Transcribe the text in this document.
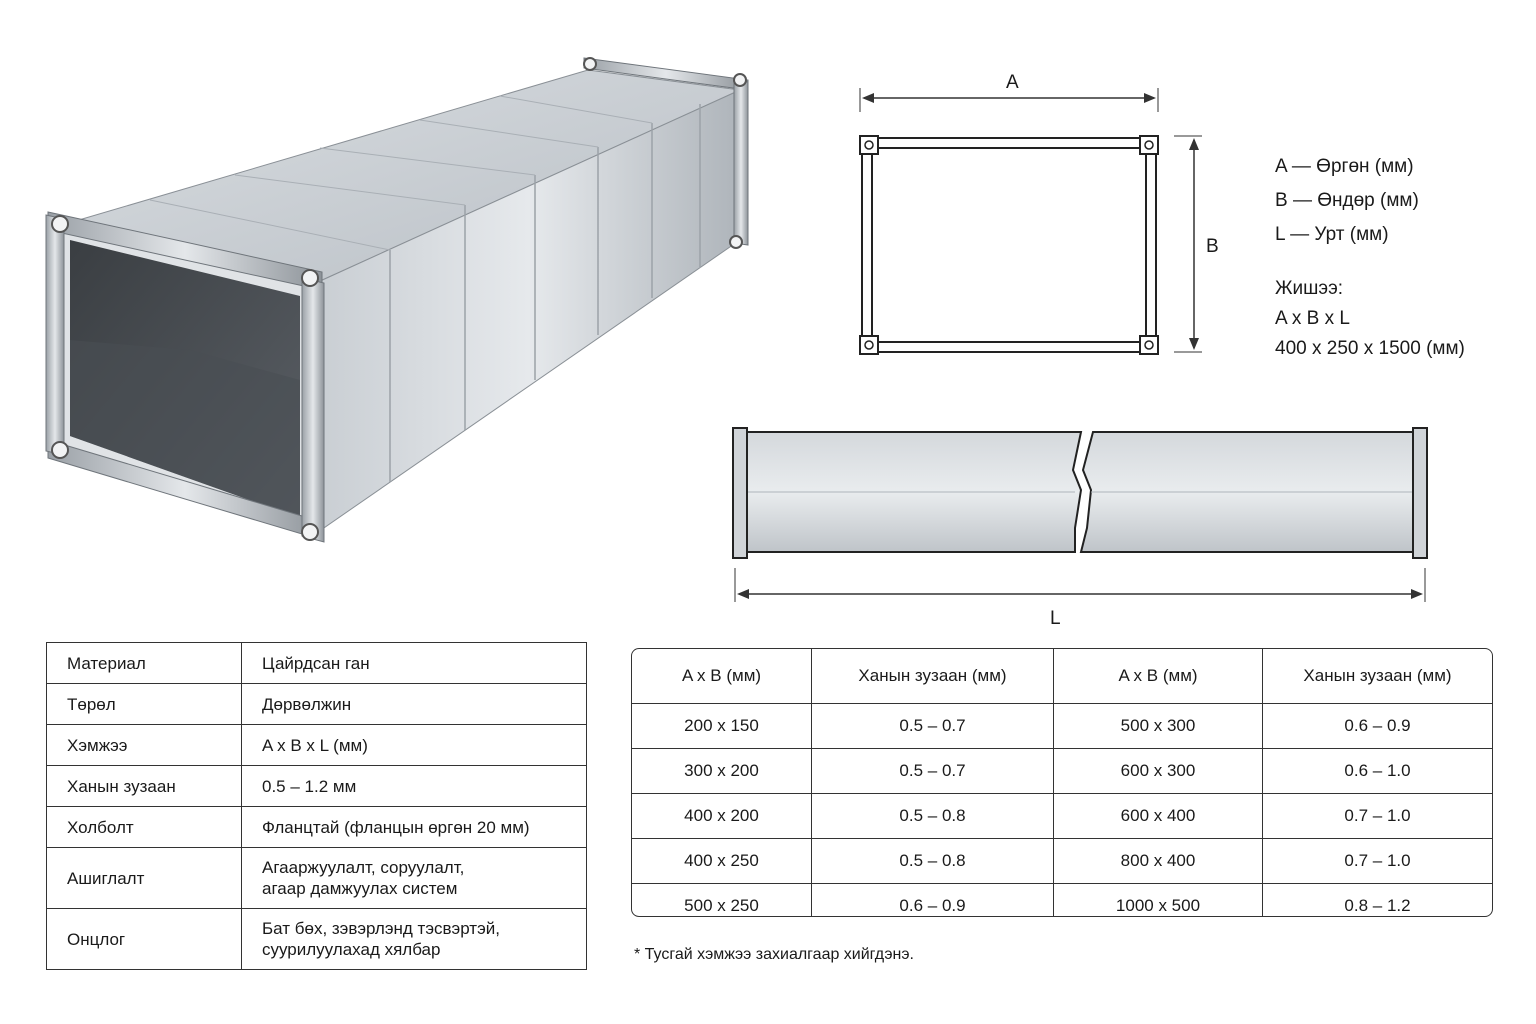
A
B
A — Өргөн (мм)
B — Өндөр (мм)
L — Урт (мм)
Жишээ:
A x B x L
400 x 250 x 1500 (мм)
L
Материал	Цайрдсан ган
Төрөл	Дөрвөлжин
Хэмжээ	A x B x L (мм)
Ханын зузаан	0.5 – 1.2 мм
Холболт	Фланцтай (фланцын өргөн 20 мм)
Ашиглалт	Агааржуулалт, соруулалт,
агаар дамжуулах систем

Онцлог	Бат бөх, зэвэрлэнд тэсвэртэй,
суурилуулахад хялбар
A x B (мм)	Ханын зузаан (мм)	A x B (мм)	Ханын зузаан (мм)
200 x 150	0.5 – 0.7	500 x 300	0.6 – 0.9
300 x 200	0.5 – 0.7	600 x 300	0.6 – 1.0
400 x 200	0.5 – 0.8	600 x 400	0.7 – 1.0
400 x 250	0.5 – 0.8	800 x 400	0.7 – 1.0
500 x 250	0.6 – 0.9	1000 x 500	0.8 – 1.2
* Тусгай хэмжээ захиалгаар хийгдэнэ.
